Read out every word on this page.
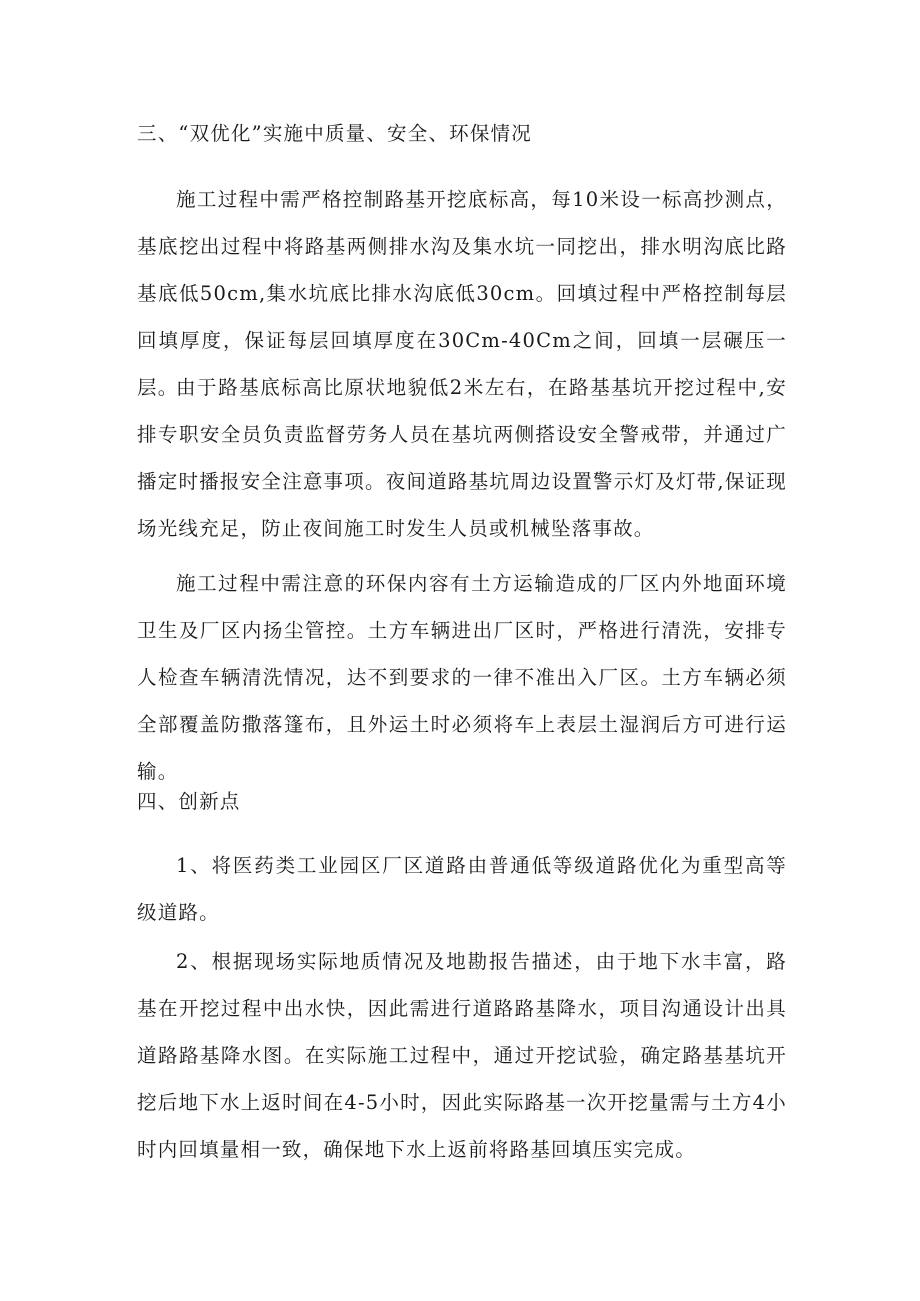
三、“双优化”实施中质量、安全、环保情况

施工过程中需严格控制路基开挖底标高，每10米设一标高抄测点，基底挖出过程中将路基两侧排水沟及集水坑一同挖出，排水明沟底比路基底低50cm,集水坑底比排水沟底低30cm。回填过程中严格控制每层回填厚度，保证每层回填厚度在30Cm-40Cm之间，回填一层碾压一层。

由于路基底标高比原状地貌低2米左右，在路基基坑开挖过程中,安排专职安全员负责监督劳务人员在基坑两侧搭设安全警戒带，并通过广播定时播报安全注意事项。夜间道路基坑周边设置警示灯及灯带,保证现场光线充足，防止夜间施工时发生人员或机械坠落事故。

施工过程中需注意的环保内容有土方运输造成的厂区内外地面环境卫生及厂区内扬尘管控。土方车辆进出厂区时，严格进行清洗，安排专人检查车辆清洗情况，达不到要求的一律不准出入厂区。土方车辆必须全部覆盖防撒落篷布，且外运土时必须将车上表层土湿润后方可进行运输。

四、创新点

1、将医药类工业园区厂区道路由普通低等级道路优化为重型高等级道路。

2、根据现场实际地质情况及地勘报告描述，由于地下水丰富，路基在开挖过程中出水快，因此需进行道路路基降水，项目沟通设计出具道路路基降水图。在实际施工过程中，通过开挖试验，确定路基基坑开挖后地下水上返时间在4-5小时，因此实际路基一次开挖量需与土方4小时内回填量相一致，确保地下水上返前将路基回填压实完成。
